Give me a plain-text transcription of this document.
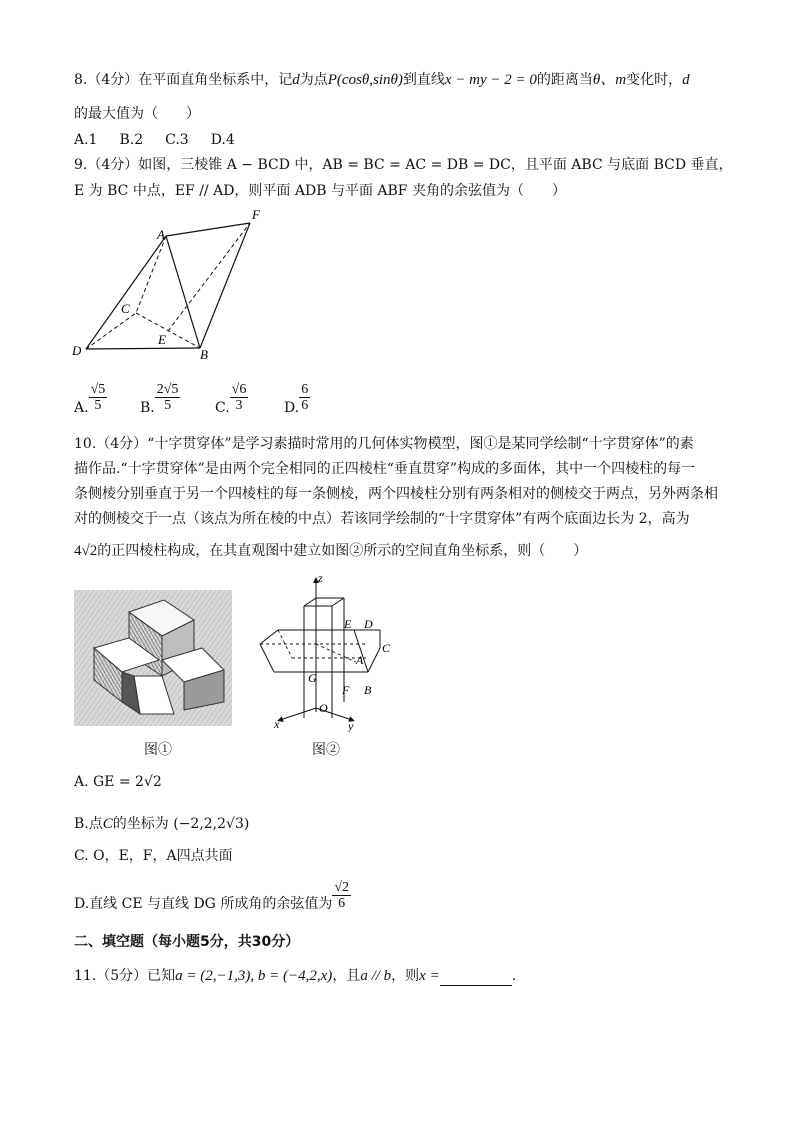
8.（4分）在平面直角坐标系中，记d为点P(cosθ,sinθ)到直线x − my − 2 = 0的距离当θ、m变化时，d
的最大值为（　　）
A.1 B.2 C.3 D.4
9.（4分）如图，三棱锥 A − BCD 中，AB = BC = AC = DB = DC，且平面 ABC 与底面 BCD 垂直，
E 为 BC 中点，EF // AD，则平面 ADB 与平面 ABF 夹角的余弦值为（　　）
A
F
C
E
D	B
A. $\frac{√5}{5} B$. $\frac{2√5}{5} C$. $\frac{√6}{3}$	D. $\frac{6}{6}$
10.（4分）“十字贯穿体”是学习素描时常用的几何体实物模型，图①是某同学绘制“十字贯穿体”的素
描作品.“十字贯穿体”是由两个完全相同的正四棱柱“垂直贯穿”构成的多面体，其中一个四棱柱的每一
条侧棱分别垂直于另一个四棱柱的每一条侧棱，两个四棱柱分别有两条相对的侧棱交于两点，另外两条相
对的侧棱交于一点（该点为所在棱的中点）若该同学绘制的“十字贯穿体”有两个底面边长为 2，高为
4√2的正四棱柱构成，在其直观图中建立如图②所示的空间直角坐标系，则（　　）
z
E D
C
A
G
F B
O
x	y
图①	图②
A. GE = 2√2
B.点C的坐标为 (−2,2,2√3)
C. O，E，F，A四点共面
D.直线 CE 与直线 DG 所成角的余弦值为 $\frac{√2}{6}$
二、填空题（每小题5分，共30分）
11.（5分）已知a = (2,−1,3), b = (−4,2,x)，且a // b，则x =	.
